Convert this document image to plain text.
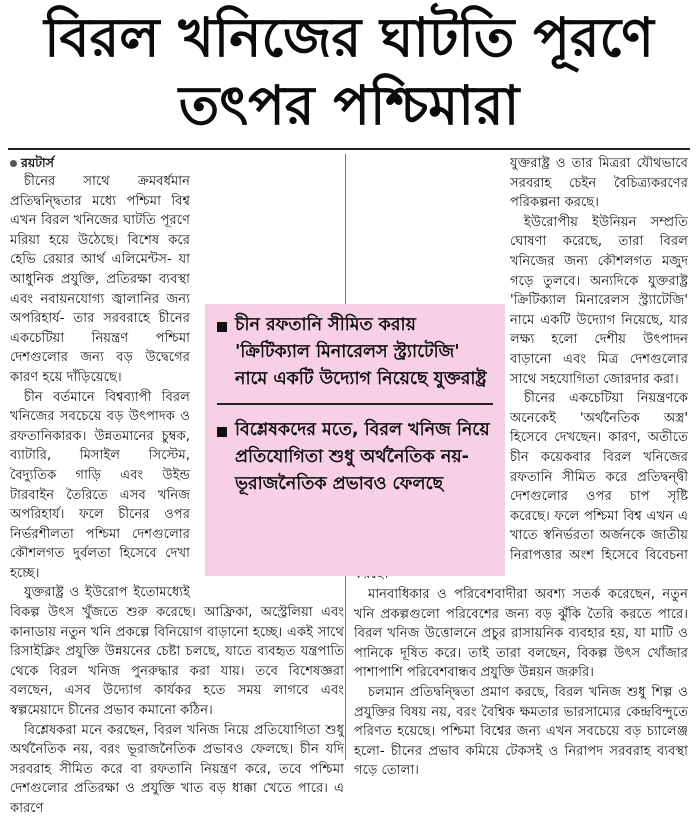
বিরল খনিজের ঘাটতি পূরণে তৎপর পশ্চিমারা
রয়টার্স

চীনের সাথে ক্রমবর্ধমান প্রতিদ্বন্দ্বিতার মধ্যে পশ্চিমা বিশ্ব এখন বিরল খনিজের ঘাটতি পূরণে মরিয়া হয়ে উঠেছে। বিশেষ করে হেভি রেয়ার আর্থ এলিমেন্টস- যা আধুনিক প্রযুক্তি, প্রতিরক্ষা ব্যবস্থা এবং নবায়নযোগ্য জ্বালানির জন্য অপরিহার্য- তার সরবরাহে চীনের একচেটিয়া নিয়ন্ত্রণ পশ্চিমা দেশগুলোর জন্য বড় উদ্বেগের কারণ হয়ে দাঁড়িয়েছে।

চীন বর্তমানে বিশ্বব্যাপী বিরল খনিজের সবচেয়ে বড় উৎপাদক ও রফতানিকারক। উন্নতমানের চুম্বক, ব্যাটারি, মিসাইল সিস্টেম, বৈদ্যুতিক গাড়ি এবং উইন্ড টারবাইন তৈরিতে এসব খনিজ অপরিহার্য। ফলে চীনের ওপর নির্ভরশীলতা পশ্চিমা দেশগুলোর কৌশলগত দুর্বলতা হিসেবে দেখা হচ্ছে।

যুক্তরাষ্ট্র ও ইউরোপ ইতোমধ্যেই বিকল্প উৎস খুঁজতে শুরু করেছে। আফ্রিকা, অস্ট্রেলিয়া এবং কানাডায় নতুন খনি প্রকল্পে বিনিয়োগ বাড়ানো হচ্ছে। একই সাথে রিসাইক্লিং প্রযুক্তি উন্নয়নের চেষ্টা চলছে, যাতে ব্যবহৃত যন্ত্রপাতি থেকে বিরল খনিজ পুনরুদ্ধার করা যায়। তবে বিশেষজ্ঞরা বলছেন, এসব উদ্যোগ কার্যকর হতে সময় লাগবে এবং স্বল্পমেয়াদে চীনের প্রভাব কমানো কঠিন।

বিশ্লেষকরা মনে করছেন, বিরল খনিজ নিয়ে প্রতিযোগিতা শুধু অর্থনৈতিক নয়, বরং ভূরাজনৈতিক প্রভাবও ফেলছে। চীন যদি সরবরাহ সীমিত করে বা রফতানি নিয়ন্ত্রণ করে, তবে পশ্চিমা দেশগুলোর প্রতিরক্ষা ও প্রযুক্তি খাত বড় ধাক্কা খেতে পারে। এ কারণে

যুক্তরাষ্ট্র ও তার মিত্ররা যৌথভাবে সরবরাহ চেইন বৈচিত্র্যকরণের পরিকল্পনা করছে।

ইউরোপীয় ইউনিয়ন সম্প্রতি ঘোষণা করেছে, তারা বিরল খনিজের জন্য কৌশলগত মজুদ গড়ে তুলবে। অন্যদিকে যুক্তরাষ্ট্র 'ক্রিটিক্যাল মিনারেলস স্ট্র্যাটেজি' নামে একটি উদ্যোগ নিয়েছে, যার লক্ষ্য হলো দেশীয় উৎপাদন বাড়ানো এবং মিত্র দেশগুলোর সাথে সহযোগিতা জোরদার করা।

চীনের একচেটিয়া নিয়ন্ত্রণকে অনেকেই 'অর্থনৈতিক অস্ত্র' হিসেবে দেখছেন। কারণ, অতীতে চীন কয়েকবার বিরল খনিজের রফতানি সীমিত করে প্রতিদ্বন্দ্বী দেশগুলোর ওপর চাপ সৃষ্টি করেছে। ফলে পশ্চিমা বিশ্ব এখন এ খাতে স্বনির্ভরতা অর্জনকে জাতীয় নিরাপত্তার অংশ হিসেবে বিবেচনা

মানবাধিকার ও পরিবেশবাদীরা অবশ্য সতর্ক করেছেন, নতুন খনি প্রকল্পগুলো পরিবেশের জন্য বড় ঝুঁকি তৈরি করতে পারে। বিরল খনিজ উত্তোলনে প্রচুর রাসায়নিক ব্যবহার হয়, যা মাটি ও পানিকে দূষিত করে। তাই তারা বলছেন, বিকল্প উৎস খোঁজার পাশাপাশি পরিবেশবান্ধব প্রযুক্তি উন্নয়ন জরুরি।

চলমান প্রতিদ্বন্দ্বিতা প্রমাণ করছে, বিরল খনিজ শুধু শিল্প ও প্রযুক্তির বিষয় নয়, বরং বৈশ্বিক ক্ষমতার ভারসাম্যের কেন্দ্রবিন্দুতে পরিণত হয়েছে। পশ্চিমা বিশ্বের জন্য এখন সবচেয়ে বড় চ্যালেঞ্জ হলো- চীনের প্রভাব কমিয়ে টেকসই ও নিরাপদ সরবরাহ ব্যবস্থা গড়ে তোলা।

চীন রফতানি সীমিত করায় 'ক্রিটিক্যাল মিনারেলস স্ট্র্যাটেজি' নামে একটি উদ্যোগ নিয়েছে যুক্তরাষ্ট্র
বিশ্লেষকদের মতে, বিরল খনিজ নিয়ে প্রতিযোগিতা শুধু অর্থনৈতিক নয়- ভূরাজনৈতিক প্রভাবও ফেলছে
